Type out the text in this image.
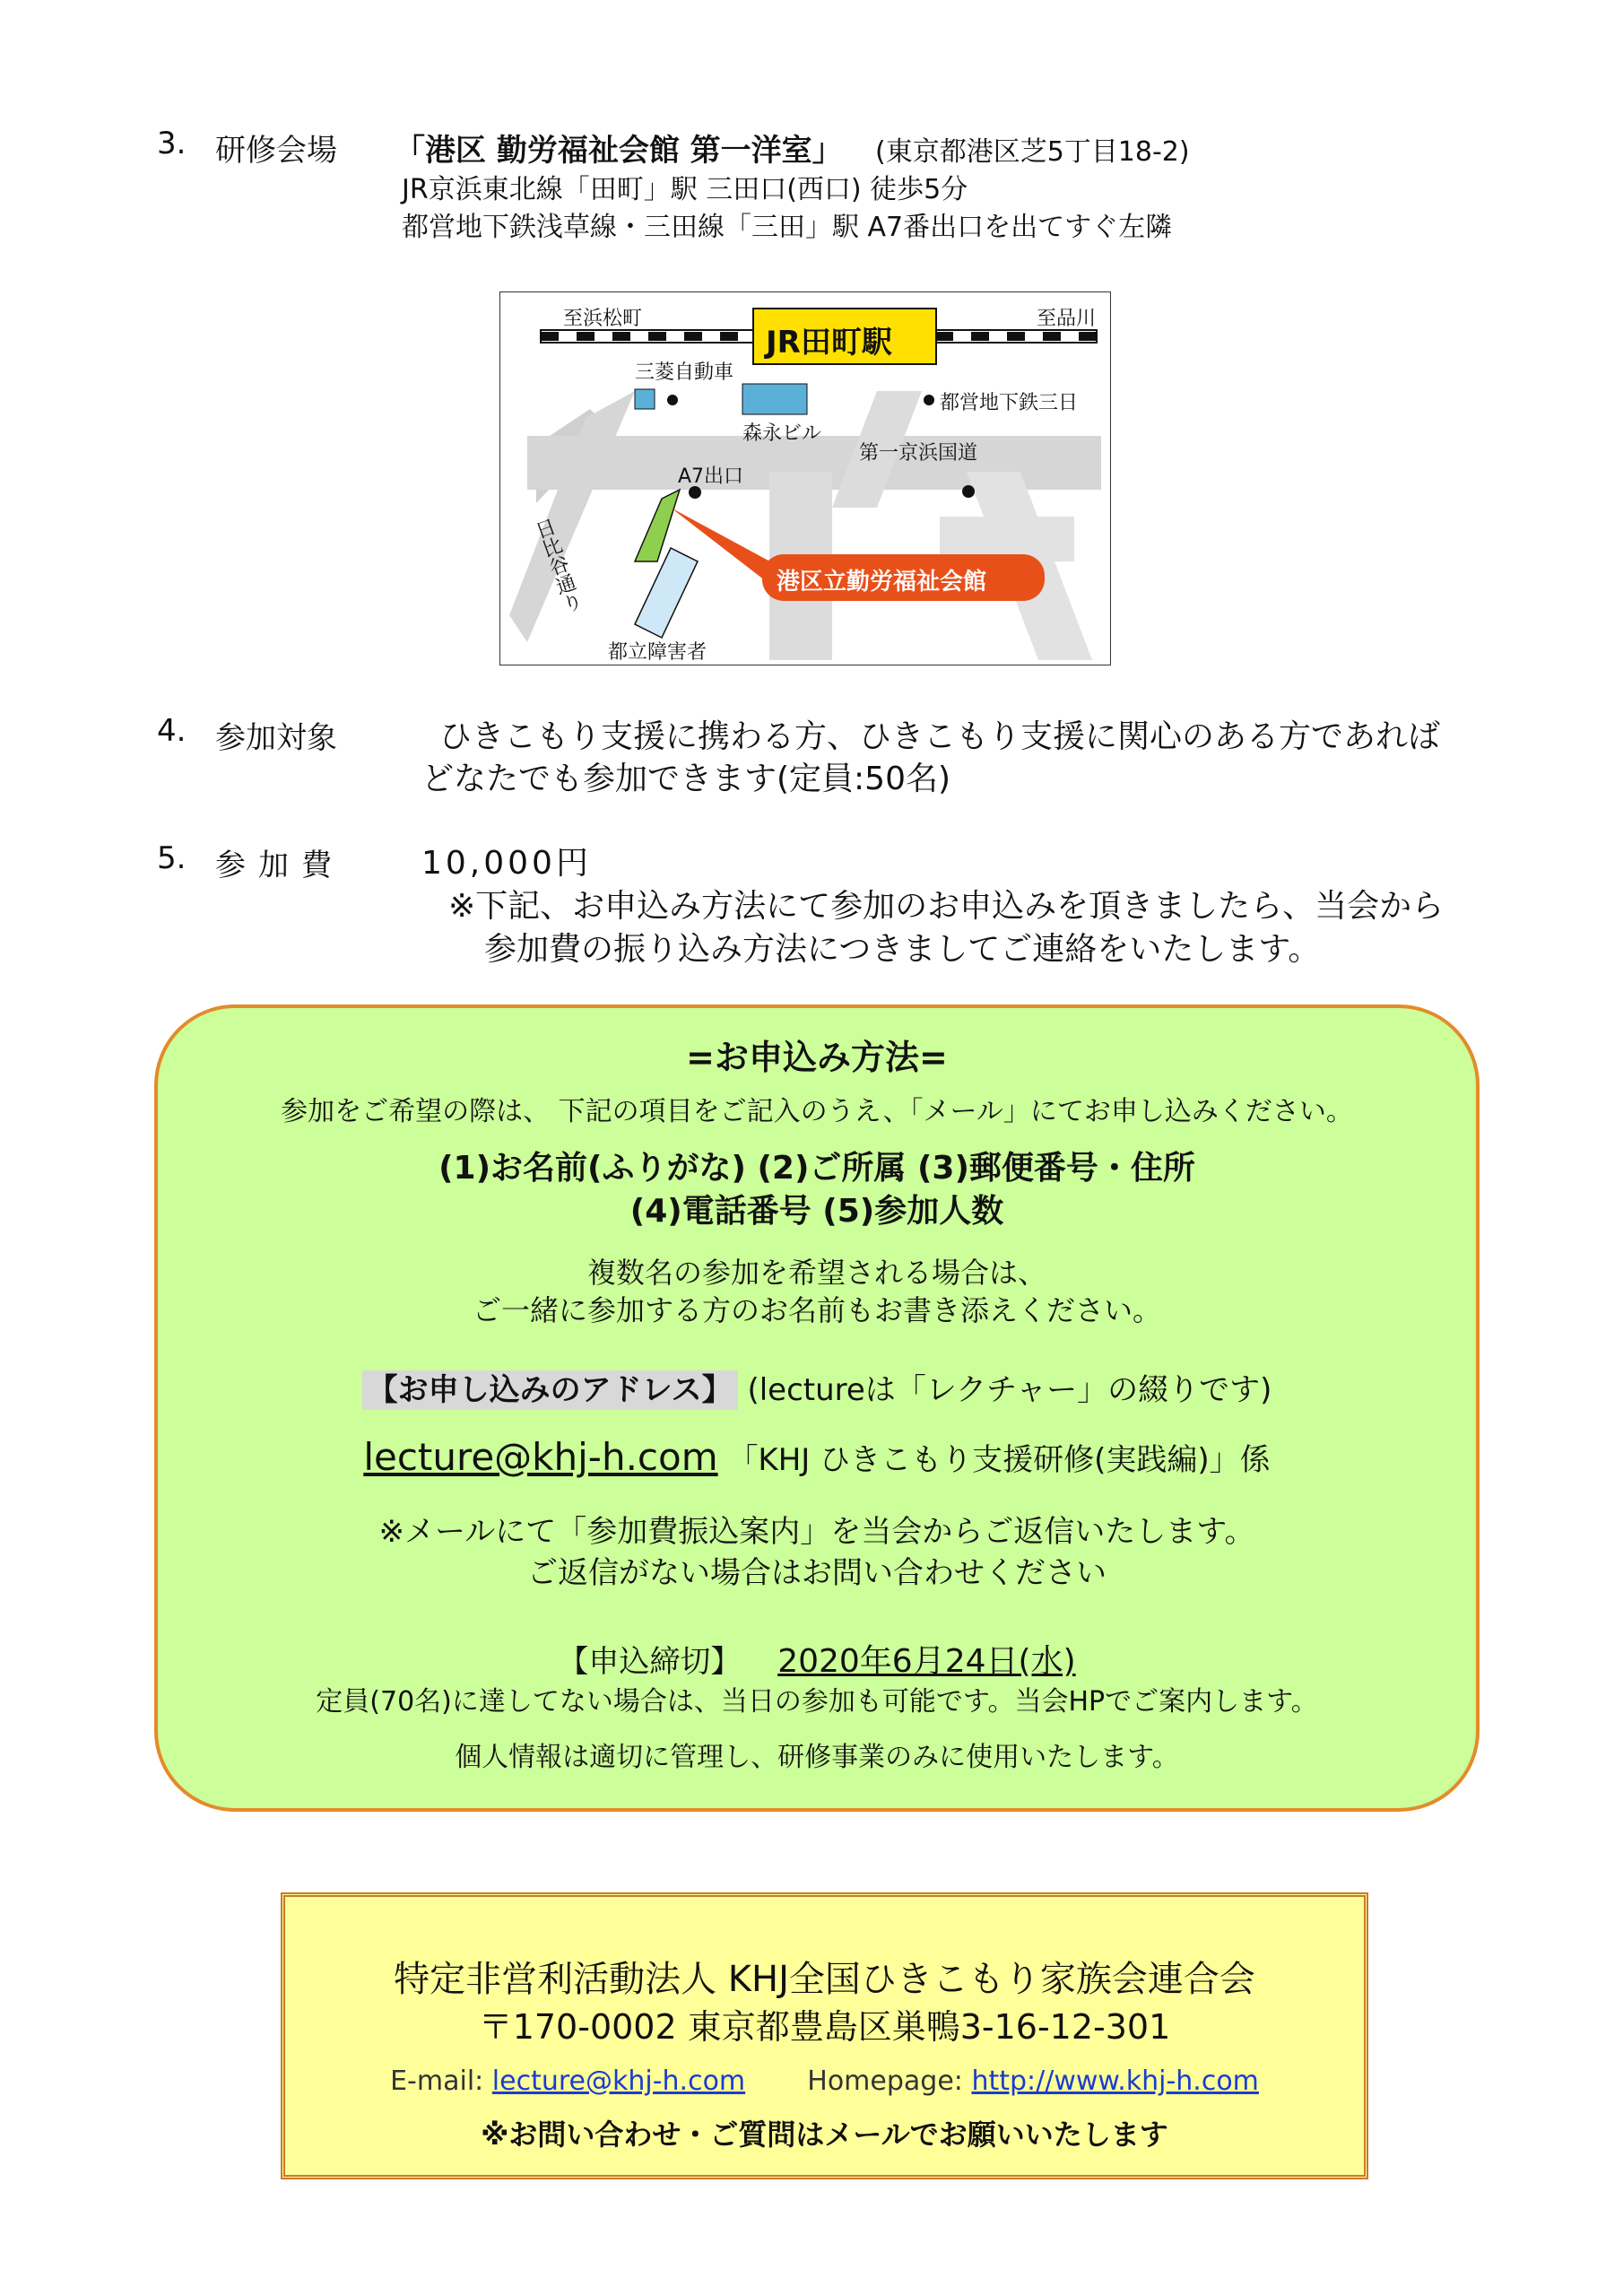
3. 研修会場 「港区 勤労福祉会館 第一洋室」 (東京都港区芝5丁目18-2)
JR京浜東北線「田町」駅 三田口(西口) 徒歩5分
都営地下鉄浅草線・三田線「三田」駅 A7番出口を出てすぐ左隣
至浜松町	至品川
JR田町駅
三菱自動車
森永ビル
都営地下鉄三日
第一京浜国道
A7出口
日比谷通り	港区立勤労福祉会館
都立障害者
4. 参加対象	ひきこもり支援に携わる方、ひきこもり支援に関心のある方であれば
どなたでも参加できます(定員:50名)
5. 参加費 10,000円
※下記、お申込み方法にて参加のお申込みを頂きましたら、当会から
参加費の振り込み方法につきましてご連絡をいたします。
=お申込み方法=
参加をご希望の際は、 下記の項目をご記入のうえ、「メール」にてお申し込みください。
(1)お名前(ふりがな) (2)ご所属 (3)郵便番号・住所
(4)電話番号 (5)参加人数
複数名の参加を希望される場合は、
ご一緒に参加する方のお名前もお書き添えください。
【お申し込みのアドレス】 (lectureは「レクチャー」の綴りです)
lecture@khj-h.com 「KHJ ひきこもり支援研修(実践編)」係
※メールにて「参加費振込案内」を当会からご返信いたします。
ご返信がない場合はお問い合わせください
【申込締切】 2020年6月24日(水)
定員(70名)に達してない場合は、当日の参加も可能です。当会HPでご案内します。
個人情報は適切に管理し、研修事業のみに使用いたします。
特定非営利活動法人 KHJ全国ひきこもり家族会連合会
〒170-0002 東京都豊島区巣鴨3-16-12-301
E-mail: lecture@khj-h.com Homepage: http://www.khj-h.com
※お問い合わせ・ご質問はメールでお願いいたします
